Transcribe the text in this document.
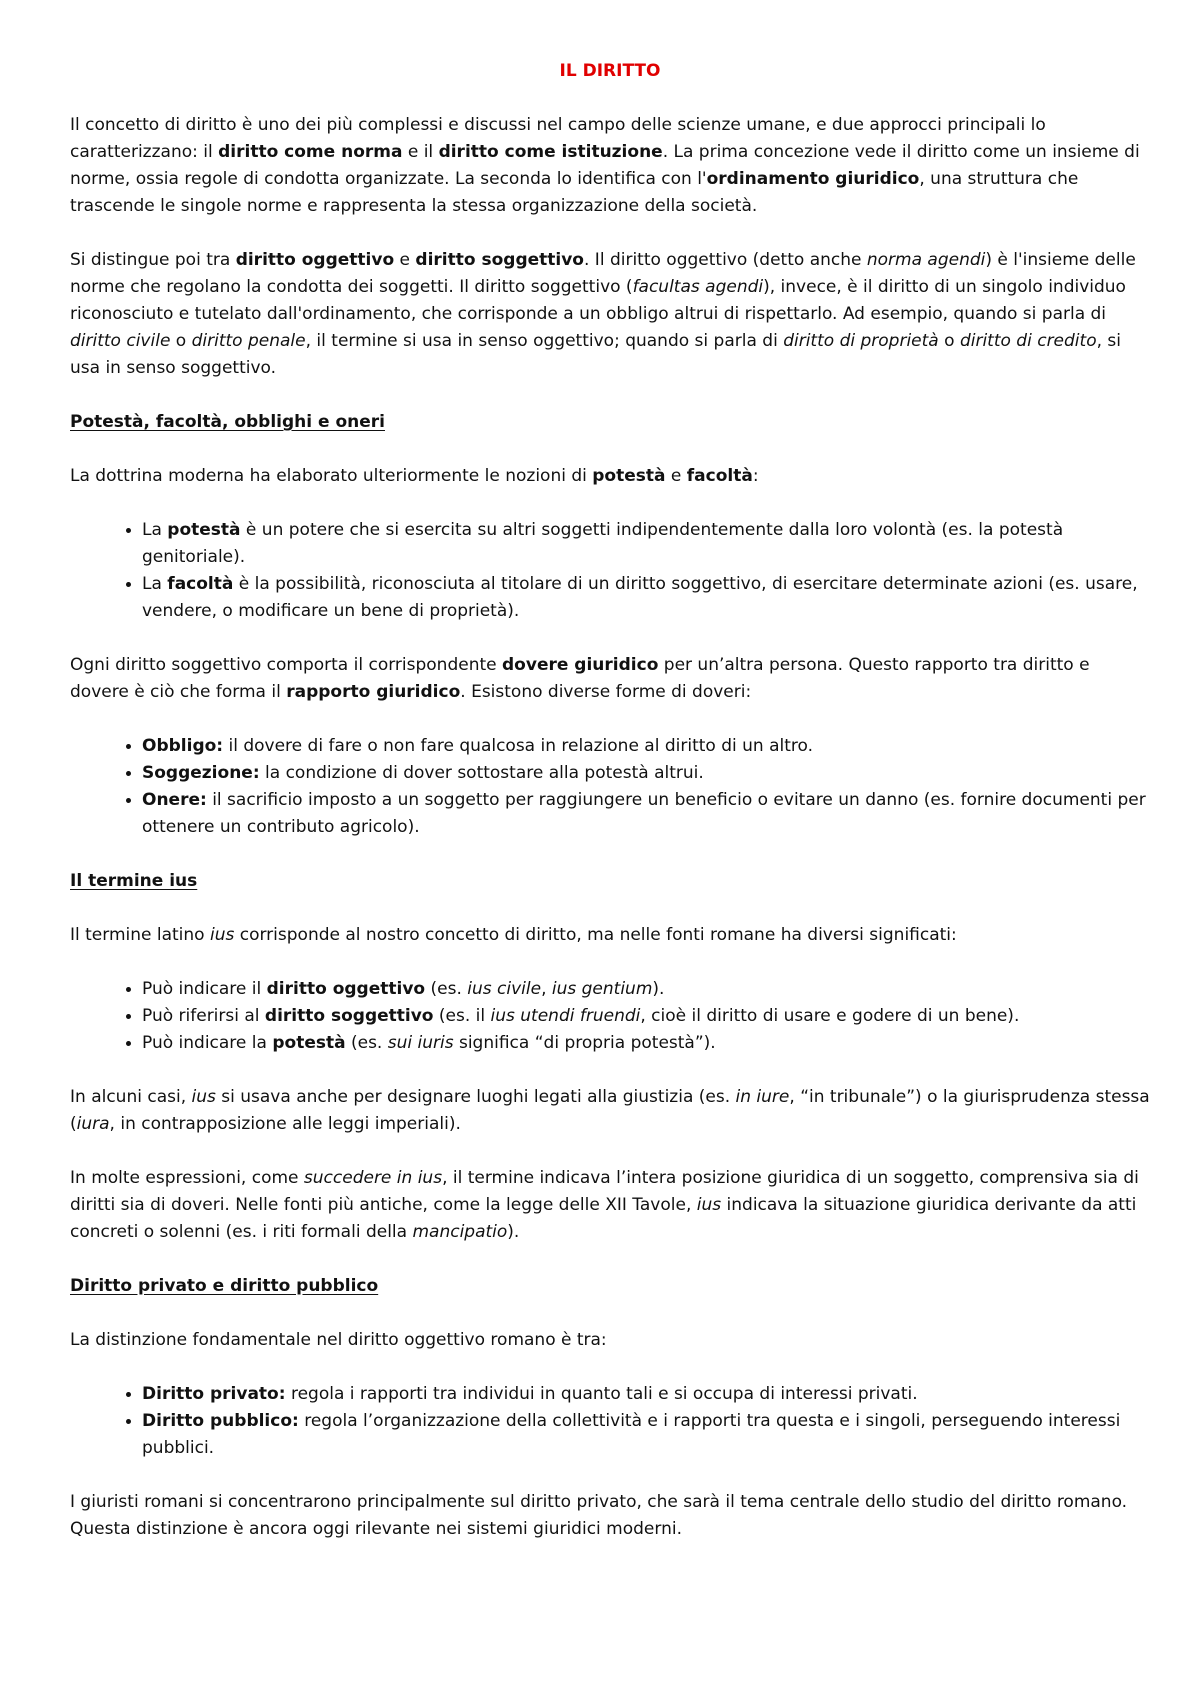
IL DIRITTO

Il concetto di diritto è uno dei più complessi e discussi nel campo delle scienze umane, e due approcci principali lo caratterizzano: il diritto come norma e il diritto come istituzione. La prima concezione vede il diritto come un insieme di norme, ossia regole di condotta organizzate. La seconda lo identifica con l'ordinamento giuridico, una struttura che trascende le singole norme e rappresenta la stessa organizzazione della società.

Si distingue poi tra diritto oggettivo e diritto soggettivo. Il diritto oggettivo (detto anche norma agendi) è l'insieme delle norme che regolano la condotta dei soggetti. Il diritto soggettivo (facultas agendi), invece, è il diritto di un singolo individuo riconosciuto e tutelato dall'ordinamento, che corrisponde a un obbligo altrui di rispettarlo. Ad esempio, quando si parla di diritto civile o diritto penale, il termine si usa in senso oggettivo; quando si parla di diritto di proprietà o diritto di credito, si usa in senso soggettivo.

Potestà, facoltà, obblighi e oneri

La dottrina moderna ha elaborato ulteriormente le nozioni di potestà e facoltà:

• La potestà è un potere che si esercita su altri soggetti indipendentemente dalla loro volontà (es. la potestà genitoriale).
• La facoltà è la possibilità, riconosciuta al titolare di un diritto soggettivo, di esercitare determinate azioni (es. usare, vendere, o modificare un bene di proprietà).

Ogni diritto soggettivo comporta il corrispondente dovere giuridico per un’altra persona. Questo rapporto tra diritto e dovere è ciò che forma il rapporto giuridico. Esistono diverse forme di doveri:

• Obbligo: il dovere di fare o non fare qualcosa in relazione al diritto di un altro.
• Soggezione: la condizione di dover sottostare alla potestà altrui.
• Onere: il sacrificio imposto a un soggetto per raggiungere un beneficio o evitare un danno (es. fornire documenti per ottenere un contributo agricolo).
Il termine ius

Il termine latino ius corrisponde al nostro concetto di diritto, ma nelle fonti romane ha diversi significati:

• Può indicare il diritto oggettivo (es. ius civile, ius gentium).
• Può riferirsi al diritto soggettivo (es. il ius utendi fruendi, cioè il diritto di usare e godere di un bene).
• Può indicare la potestà (es. sui iuris significa “di propria potestà”).

In alcuni casi, ius si usava anche per designare luoghi legati alla giustizia (es. in iure, “in tribunale”) o la giurisprudenza stessa (iura, in contrapposizione alle leggi imperiali).

In molte espressioni, come succedere in ius, il termine indicava l’intera posizione giuridica di un soggetto, comprensiva sia di diritti sia di doveri. Nelle fonti più antiche, come la legge delle XII Tavole, ius indicava la situazione giuridica derivante da atti concreti o solenni (es. i riti formali della mancipatio).

Diritto privato e diritto pubblico

La distinzione fondamentale nel diritto oggettivo romano è tra:

• Diritto privato: regola i rapporti tra individui in quanto tali e si occupa di interessi privati.
• Diritto pubblico: regola l’organizzazione della collettività e i rapporti tra questa e i singoli, perseguendo interessi pubblici.

I giuristi romani si concentrarono principalmente sul diritto privato, che sarà il tema centrale dello studio del diritto romano. Questa distinzione è ancora oggi rilevante nei sistemi giuridici moderni.
